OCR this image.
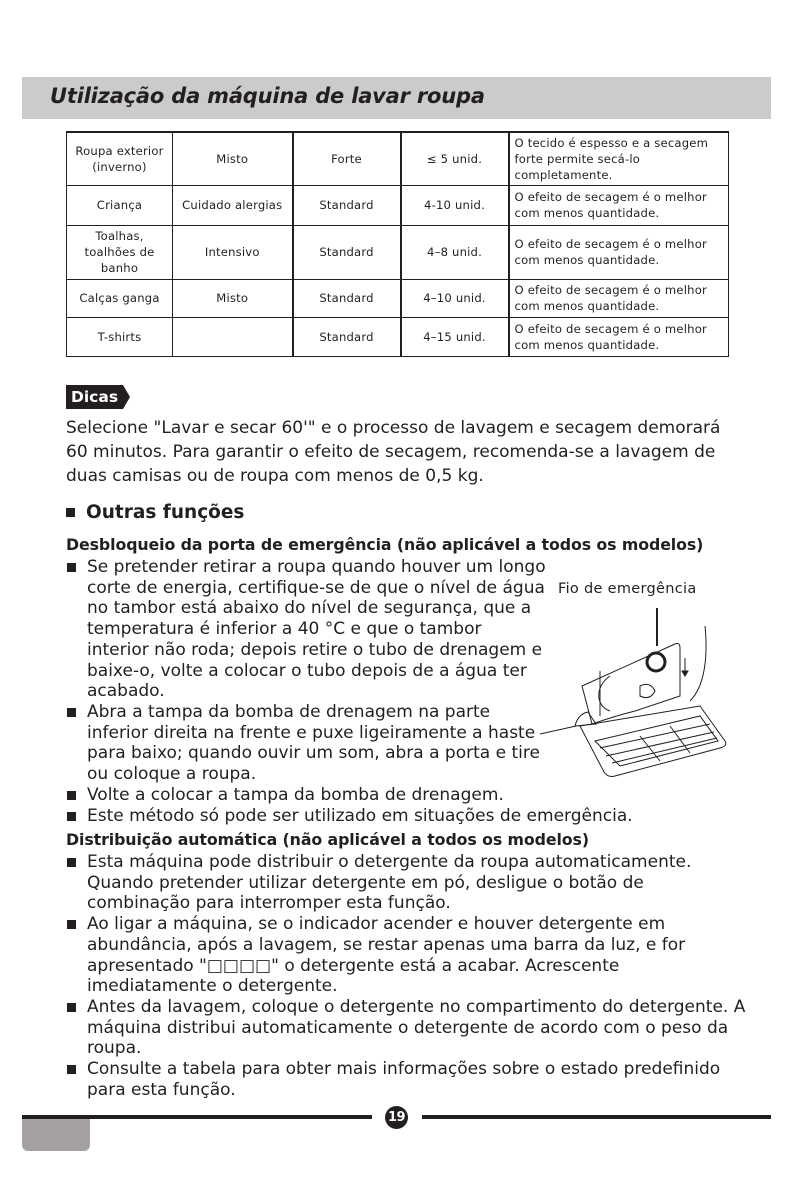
Utilização da máquina de lavar roupa
Roupa exterior (inverno)	Misto	Forte	≤ 5 unid.	O tecido é espesso e a secagem forte permite secá-lo completamente.
Criança	Cuidado alergias	Standard	4-10 unid.	O efeito de secagem é o melhor com menos quantidade.
Toalhas, toalhões de banho	Intensivo	Standard	4–8 unid.	O efeito de secagem é o melhor com menos quantidade.
Calças ganga	Misto	Standard	4–10 unid.	O efeito de secagem é o melhor com menos quantidade.
T-shirts		Standard	4–15 unid.	O efeito de secagem é o melhor com menos quantidade.
Dicas

Selecione "Lavar e secar 60'" e o processo de lavagem e secagem demorará 60 minutos. Para garantir o efeito de secagem, recomenda-se a lavagem de duas camisas ou de roupa com menos de 0,5 kg.

Outras funções
Desbloqueio da porta de emergência (não aplicável a todos os modelos)
Se pretender retirar a roupa quando houver um longo corte de energia, certifique-se de que o nível de água no tambor está abaixo do nível de segurança, que a temperatura é inferior a 40 °C e que o tambor interior não roda; depois retire o tubo de drenagem e baixe-o, volte a colocar o tubo depois de a água ter acabado.
Abra a tampa da bomba de drenagem na parte inferior direita na frente e puxe ligeiramente a haste para baixo; quando ouvir um som, abra a porta e tire ou coloque a roupa.
Volte a colocar a tampa da bomba de drenagem.
Este método só pode ser utilizado em situações de emergência.
Fio de emergência
Distribuição automática (não aplicável a todos os modelos)
Esta máquina pode distribuir o detergente da roupa automaticamente. Quando pretender utilizar detergente em pó, desligue o botão de combinação para interromper esta função.
Ao ligar a máquina, se o indicador acender e houver detergente em abundância, após a lavagem, se restar apenas uma barra da luz, e for apresentado "□□□□" o detergente está a acabar. Acrescente imediatamente o detergente.
Antes da lavagem, coloque o detergente no compartimento do detergente. A máquina distribui automaticamente o detergente de acordo com o peso da roupa.
Consulte a tabela para obter mais informações sobre o estado predefinido para esta função.
19
